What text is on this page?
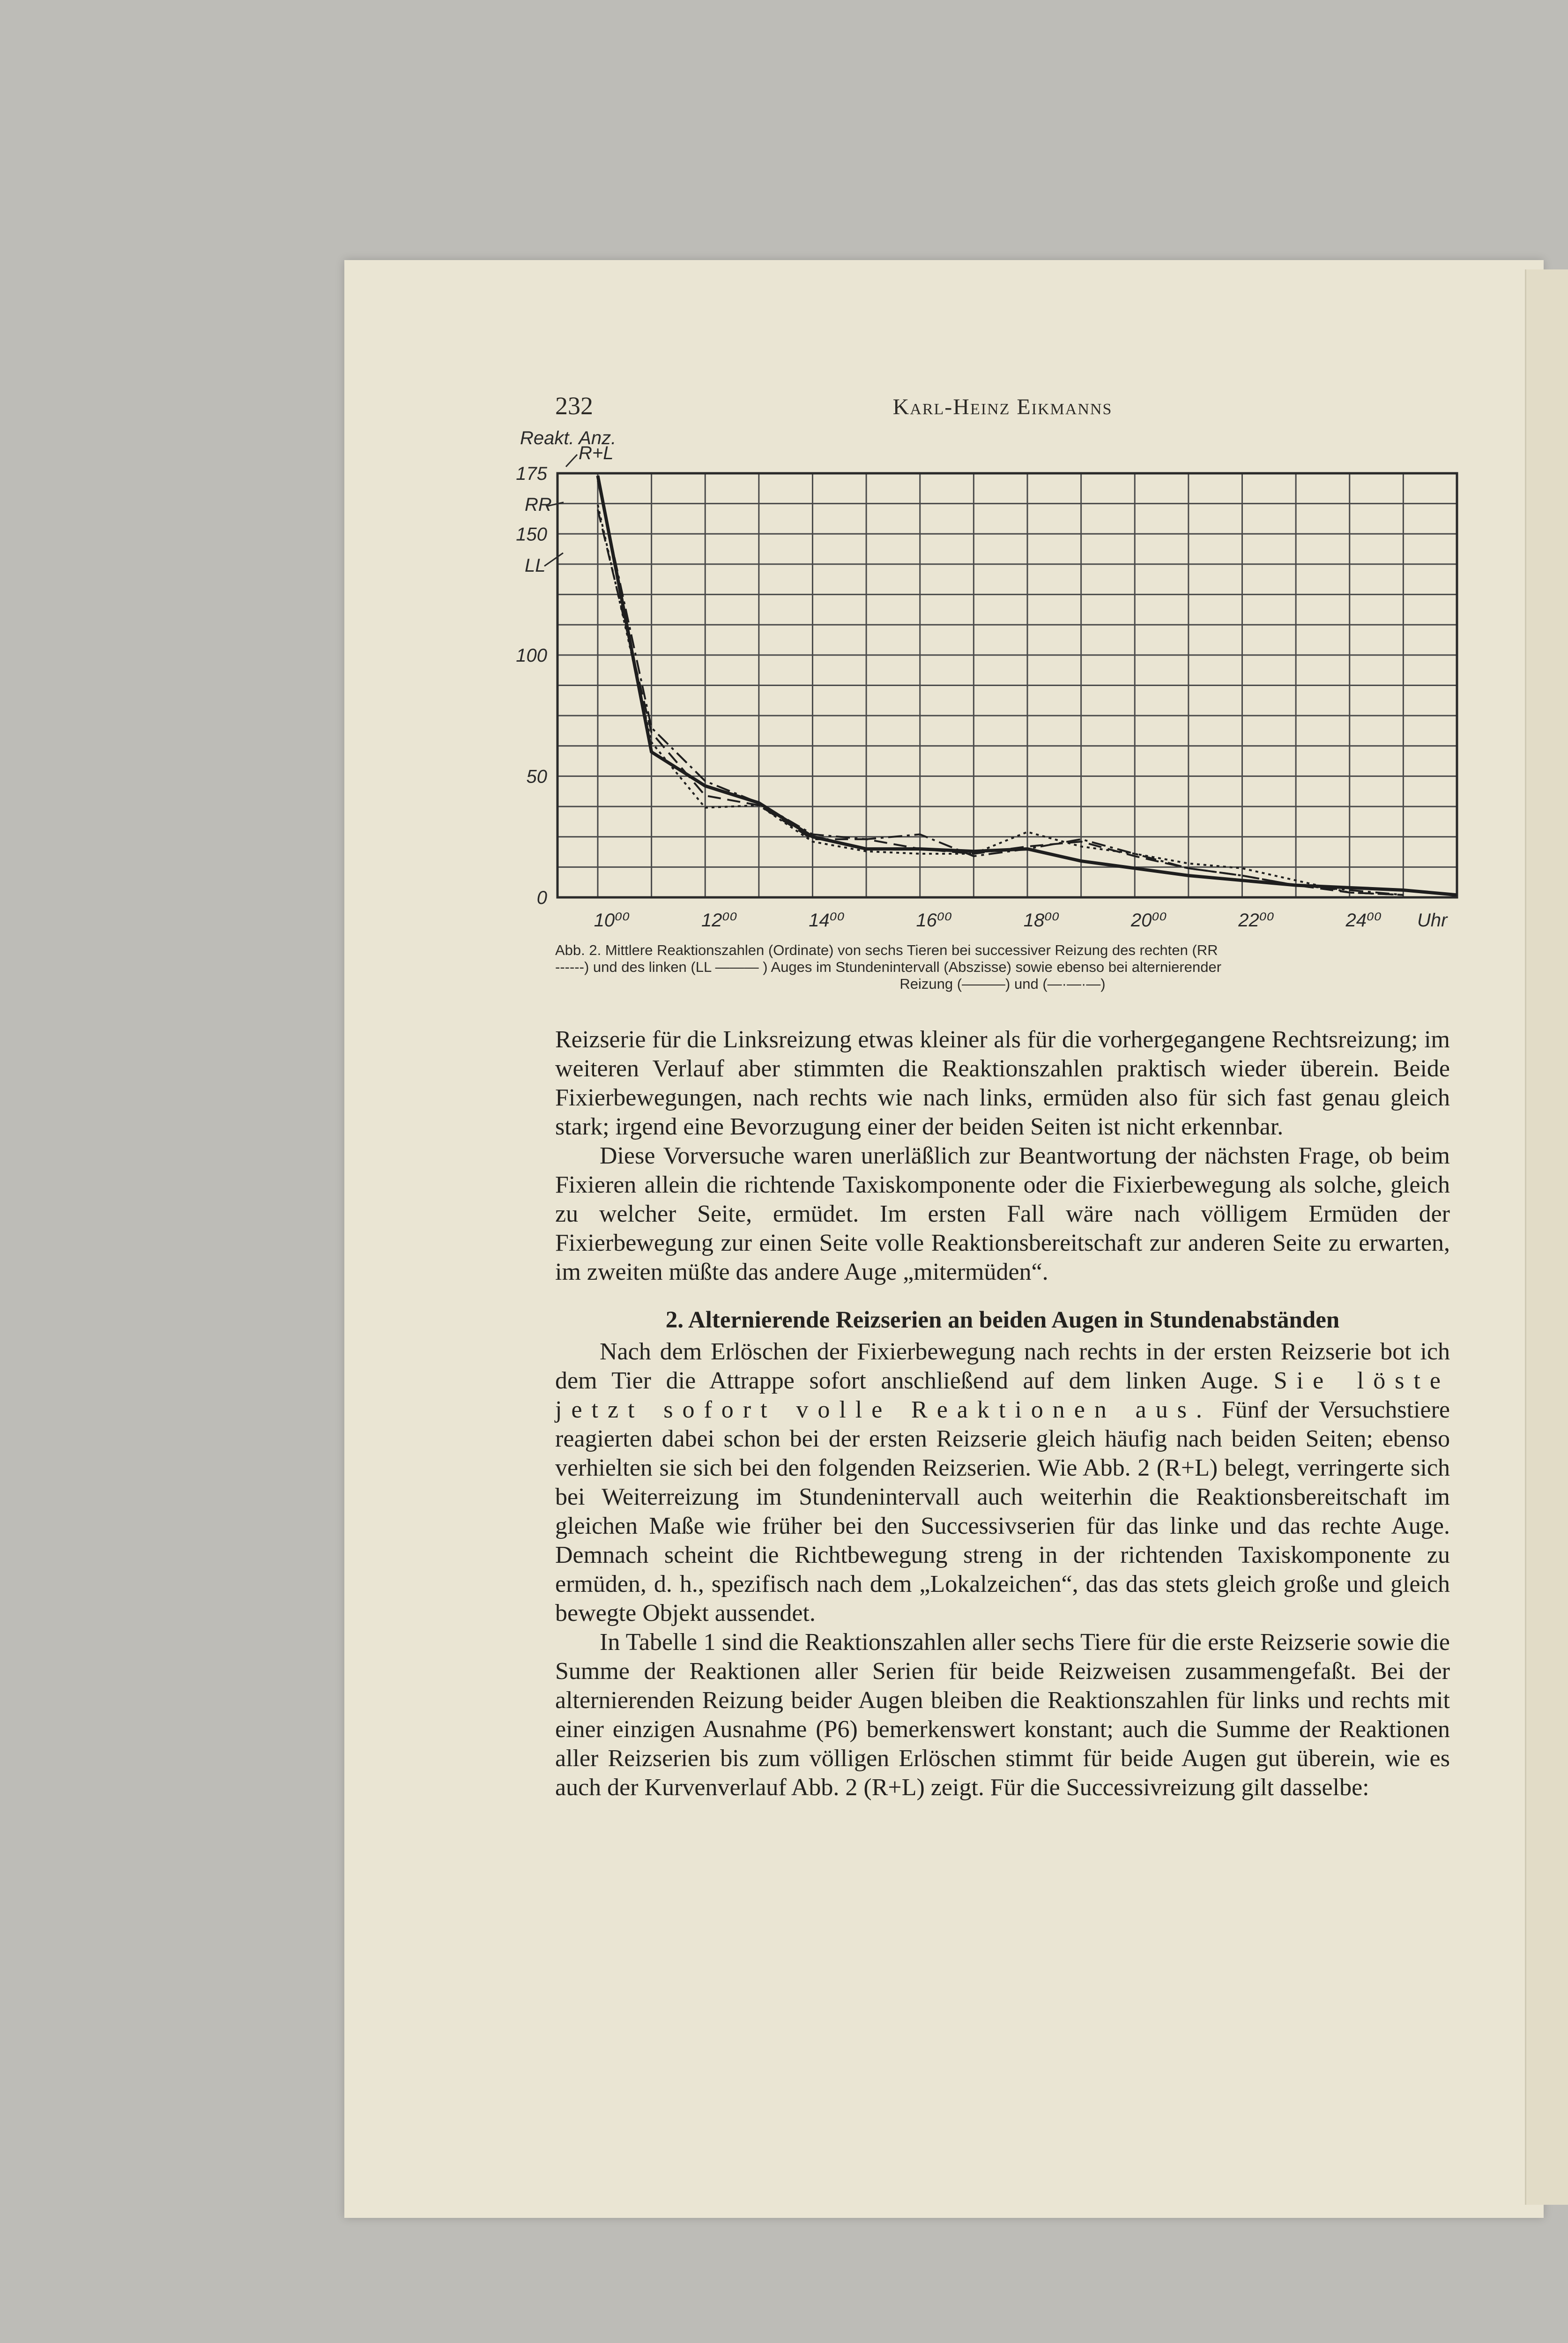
232	Karl-Heinz Eikmanns
0
50
100
150
175
10⁰⁰	12⁰⁰	14⁰⁰	16⁰⁰	18⁰⁰	20⁰⁰	22⁰⁰	24⁰⁰
Reakt. Anz.
Uhr
R+L
RR
LL
Abb. 2. Mittlere Reaktionszahlen (Ordinate) von sechs Tieren bei successiver Reizung des rechten (RR
------) und des linken (LL ——— ) Auges im Stundenintervall (Abszisse) sowie ebenso bei alternierender
Reizung (———) und (—·—·—)

Reizserie für die Linksreizung etwas kleiner als für die vorhergegangene Rechtsreizung; im weiteren Verlauf aber stimmten die Reaktionszahlen praktisch wieder überein. Beide Fixierbewegungen, nach rechts wie nach links, ermüden also für sich fast genau gleich stark; irgend eine Bevorzugung einer der beiden Seiten ist nicht erkennbar.

Diese Vorversuche waren unerläßlich zur Beantwortung der nächsten Frage, ob beim Fixieren allein die richtende Taxiskomponente oder die Fixierbewegung als solche, gleich zu welcher Seite, ermüdet. Im ersten Fall wäre nach völligem Ermüden der Fixierbewegung zur einen Seite volle Reaktionsbereitschaft zur anderen Seite zu erwarten, im zweiten müßte das andere Auge „mitermüden“.

2. Alternierende Reizserien an beiden Augen in Stundenabständen

Nach dem Erlöschen der Fixierbewegung nach rechts in der ersten Reizserie bot ich dem Tier die Attrappe sofort anschließend auf dem linken Auge. Sie löste jetzt sofort volle Reaktionen aus. Fünf der Versuchstiere reagierten dabei schon bei der ersten Reizserie gleich häufig nach beiden Seiten; ebenso verhielten sie sich bei den folgenden Reizserien. Wie Abb. 2 (R+L) belegt, verringerte sich bei Weiterreizung im Stundenintervall auch weiterhin die Reaktionsbereitschaft im gleichen Maße wie früher bei den Successivserien für das linke und das rechte Auge. Demnach scheint die Richtbewegung streng in der richtenden Taxiskomponente zu ermüden, d. h., spezifisch nach dem „Lokalzeichen“, das das stets gleich große und gleich bewegte Objekt aussendet.

In Tabelle 1 sind die Reaktionszahlen aller sechs Tiere für die erste Reizserie sowie die Summe der Reaktionen aller Serien für beide Reizweisen zusammengefaßt. Bei der alternierenden Reizung beider Augen bleiben die Reaktionszahlen für links und rechts mit einer einzigen Ausnahme (P6) bemerkenswert konstant; auch die Summe der Reaktionen aller Reizserien bis zum völligen Erlöschen stimmt für beide Augen gut überein, wie es auch der Kurvenverlauf Abb. 2 (R+L) zeigt. Für die Successivreizung gilt dasselbe:
